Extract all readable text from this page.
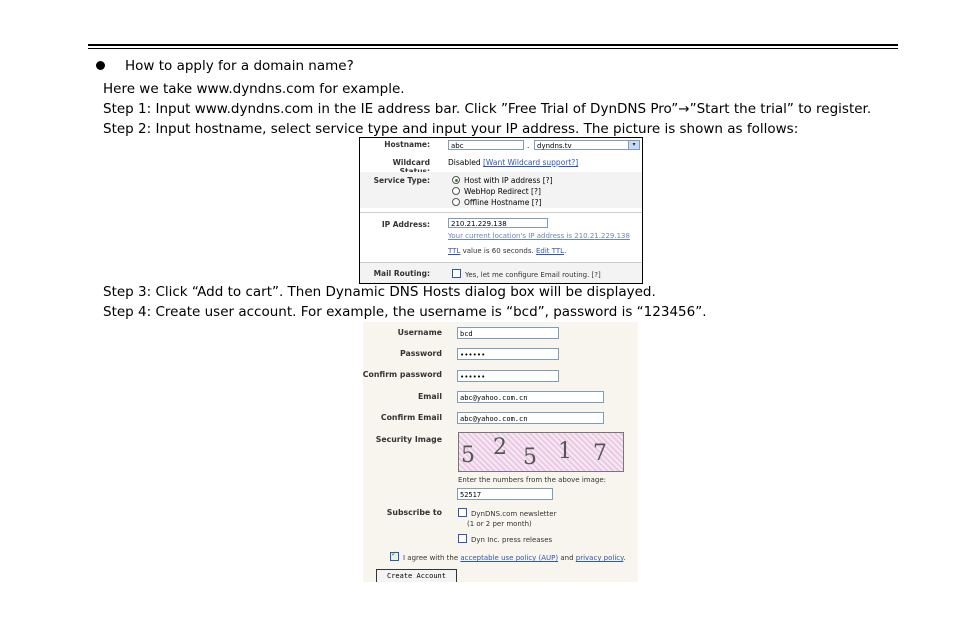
How to apply for a domain name?
Here we take www.dyndns.com for example.
Step 1: Input www.dyndns.com in the IE address bar. Click ”Free Trial of DynDNS Pro”→”Start the trial” to register.
Step 2: Input hostname, select service type and input your IP address. The picture is shown as follows:
Hostname:	abc	.	dyndns.tv	▾
Wildcard Disabled [Want Wildcard support?]
Service Type:	Host with IP address [?]
WebHop Redirect [?]
Offline Hostname [?]
IP Address:	210.21.229.138
Your current location's IP address is 210.21.229.138
TTL value is 60 seconds. Edit TTL.
Mail Routing:	Yes, let me configure Email routing. [?]
Step 3: Click “Add to cart”. Then Dynamic DNS Hosts dialog box will be displayed.
Step 4: Create user account. For example, the username is “bcd”, password is “123456”.
Username	bcd
Password	••••••
Confirm password	••••••
Email	abc@yahoo.com.cn
Confirm Email	abc@yahoo.com.cn
Security Image
5 2 5 1 7
Enter the numbers from the above image:
52517
Subscribe to	DynDNS.com newsletter
(1 or 2 per month)
Dyn Inc. press releases
✓I agree with the acceptable use policy (AUP) and privacy policy.
Create Account
